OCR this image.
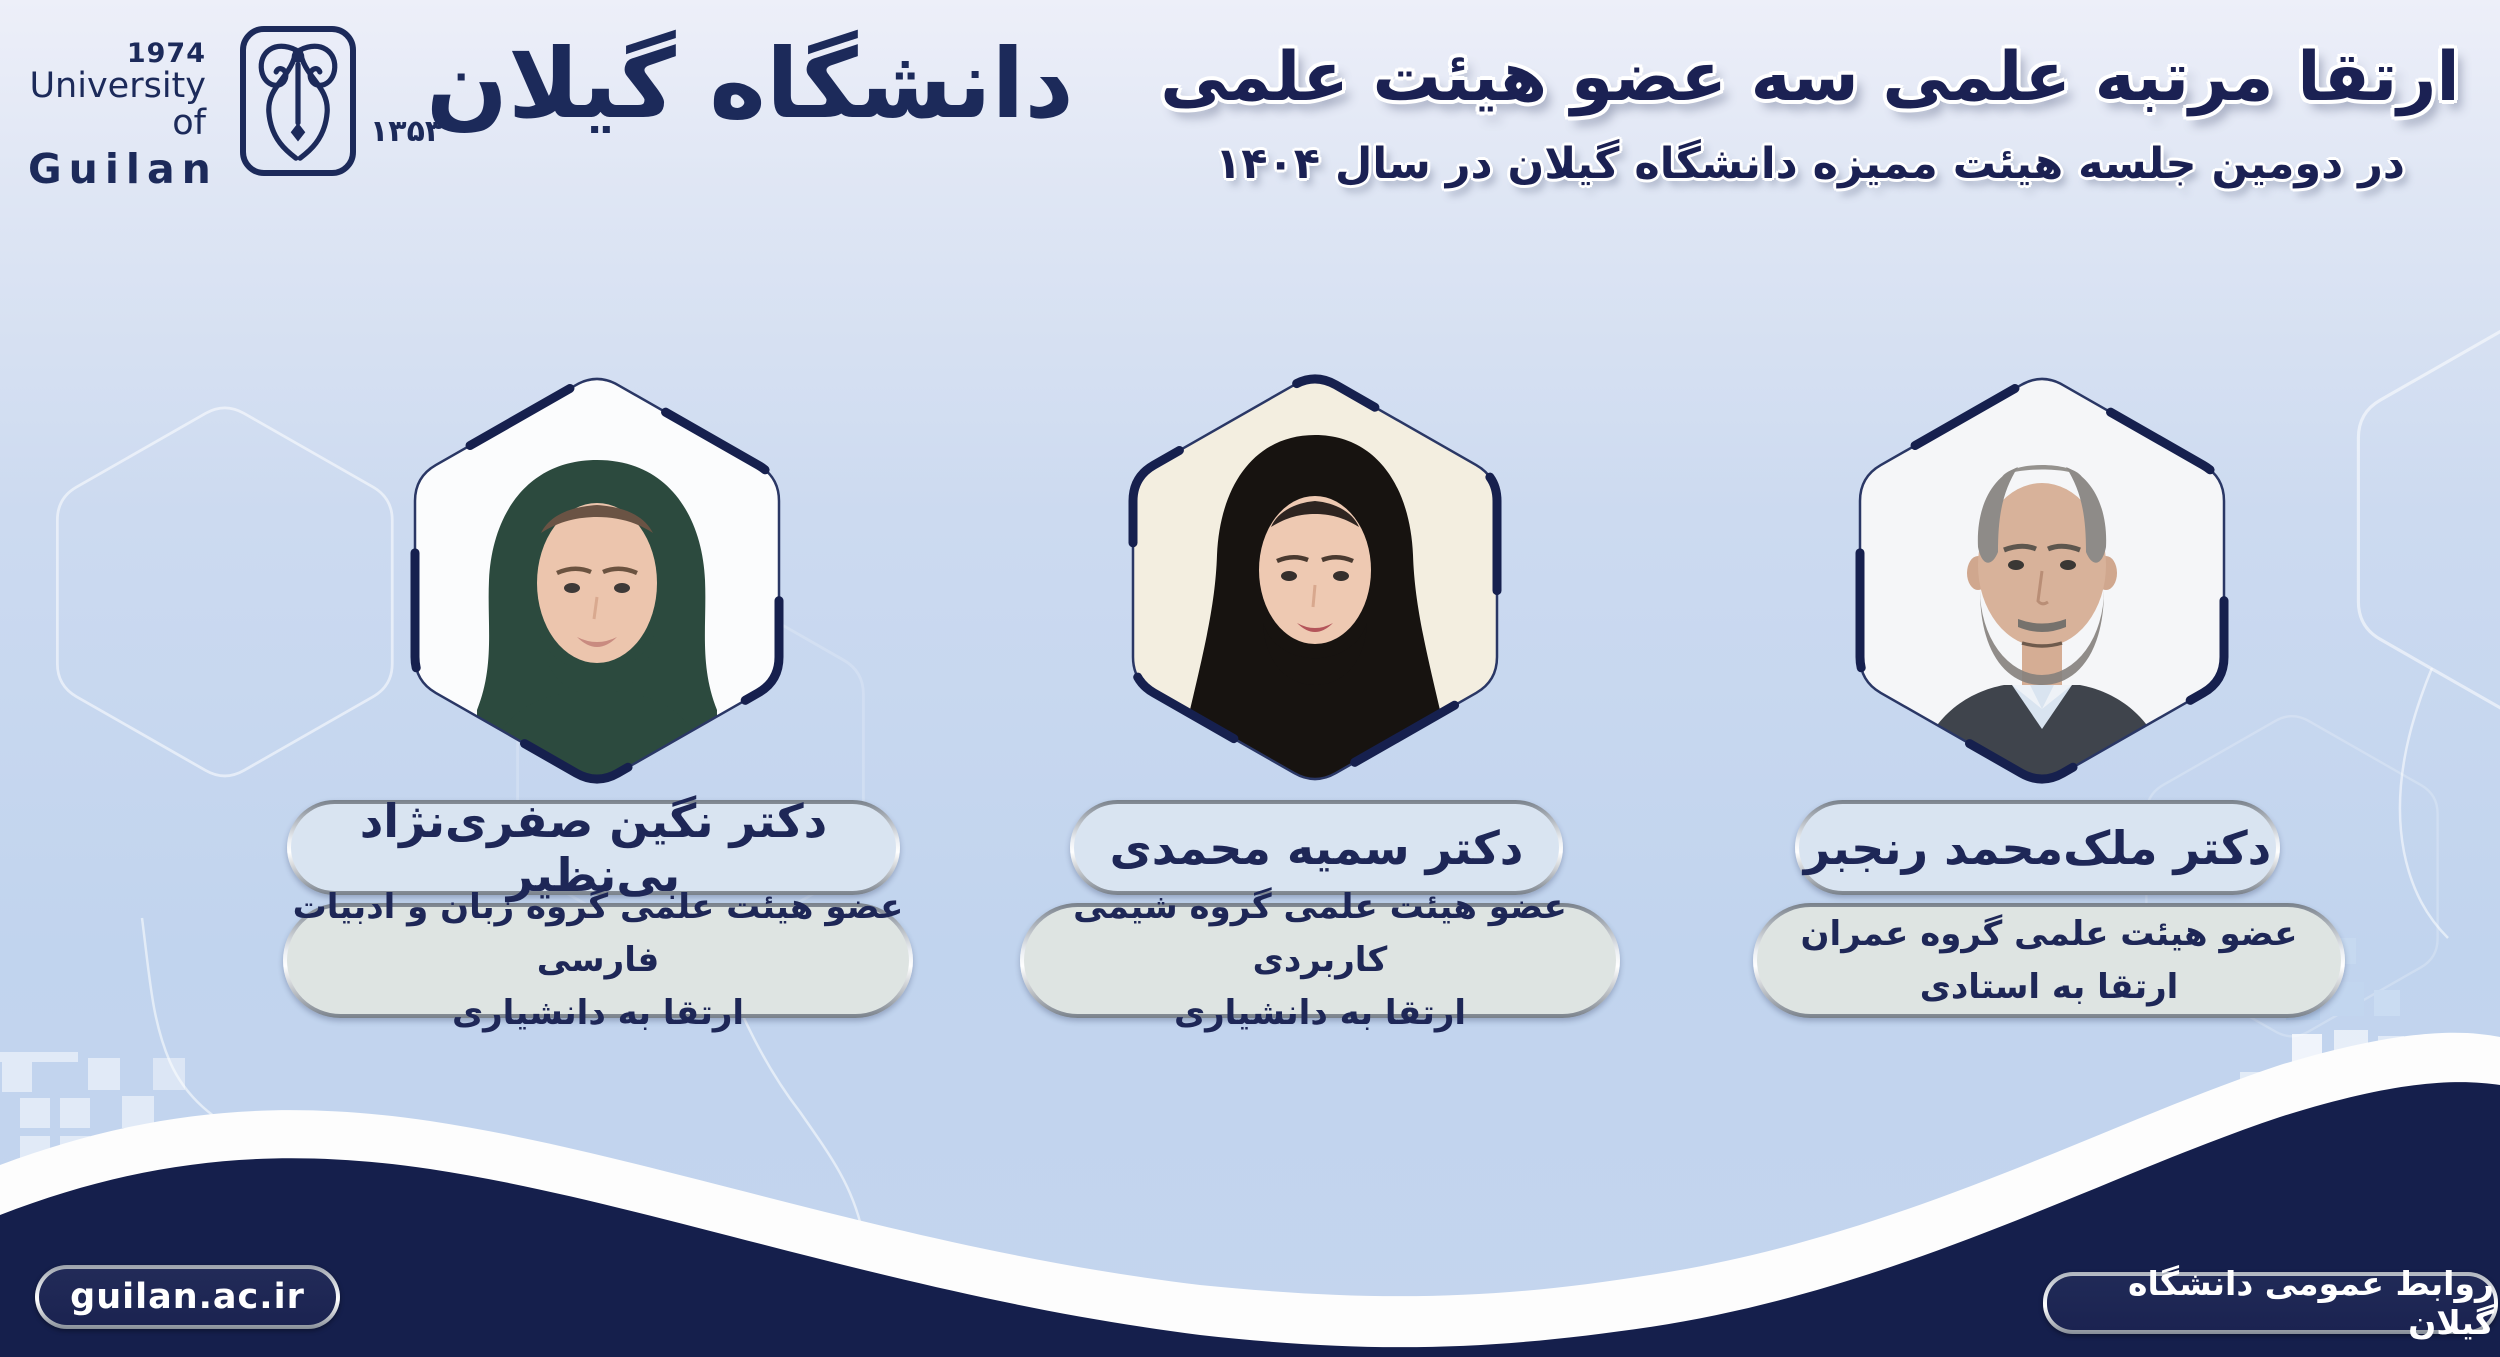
1974
University of
Guilan
۱۳۵۳
دانشگاه گیلان ارتقا مرتبه علمی سه عضو هیئت علمی
در دومین جلسه هیئت ممیزه دانشگاه گیلان در سال ۱۴۰۴
دکتر نگین صفری‌نژاد بی‌نظیر
عضو هیئت علمی گروه زبان و ادبیات فارسی
ارتقا به دانشیاری
دکتر سمیه محمدی
عضو هیئت علمی گروه شیمی کاربردی
ارتقا به دانشیاری
دکتر ملک‌محمد رنجبر
عضو هیئت علمی گروه عمران
ارتقا به استادی
guilan.ac.ir	روابط عمومی دانشگاه گیلان
